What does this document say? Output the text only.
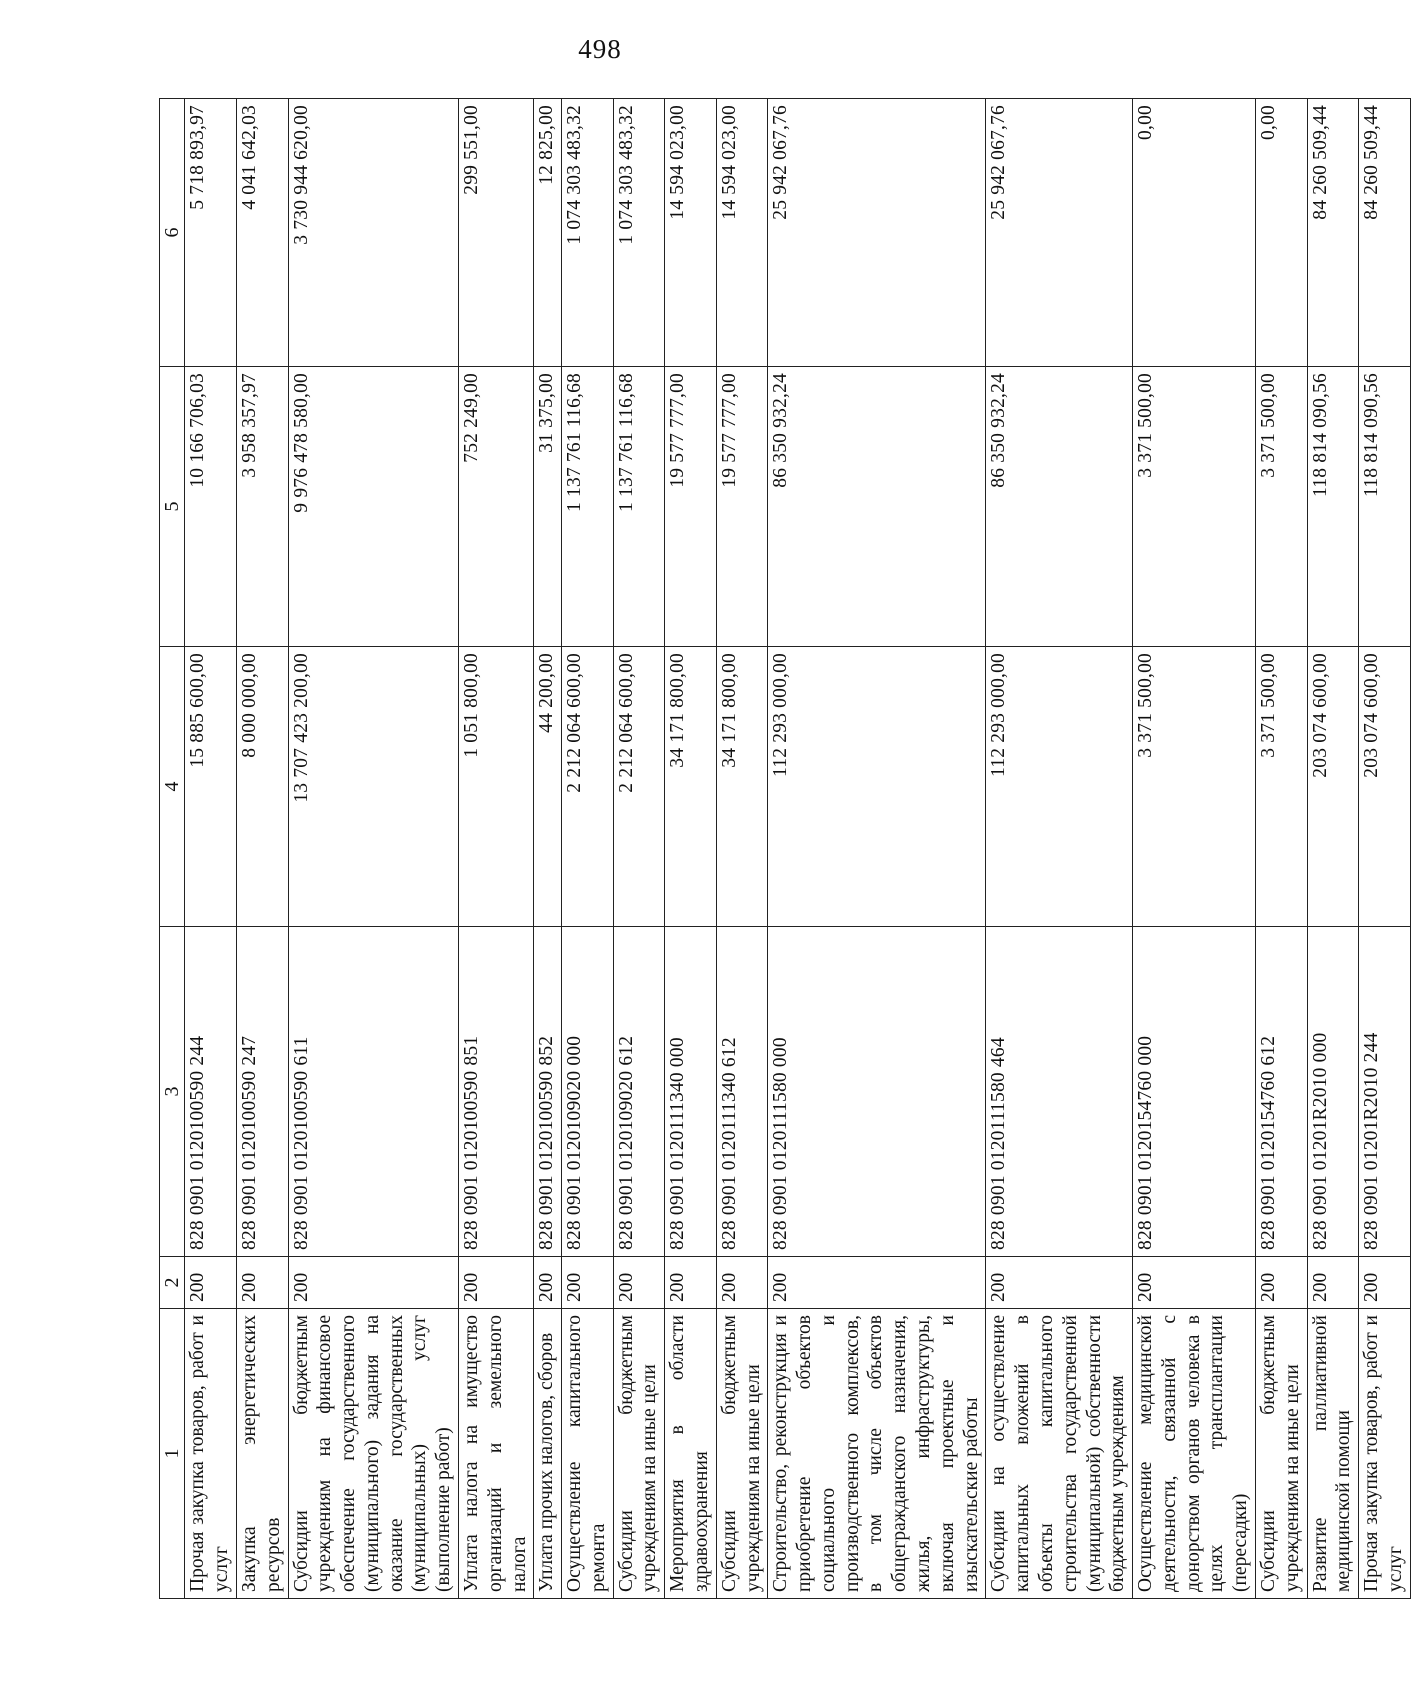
498
1	2	3	4	5	6
Прочая закупка товаров, работ и услуг	200	828 0901 0120100590 244	15 885 600,00	10 166 706,03	5 718 893,97
Закупка энергетических ресурсов	200	828 0901 0120100590 247	8 000 000,00	3 958 357,97	4 041 642,03
Субсидии бюджетным учреждениям на финансовое обеспечение государственного (муниципального) задания на оказание государственных (муниципальных) услуг (выполнение работ)	200	828 0901 0120100590 611	13 707 423 200,00	9 976 478 580,00	3 730 944 620,00
Уплата налога на имущество организаций и земельного налога	200	828 0901 0120100590 851	1 051 800,00	752 249,00	299 551,00
Уплата прочих налогов, сборов	200	828 0901 0120100590 852	44 200,00	31 375,00	12 825,00
Осуществление капитального ремонта	200	828 0901 0120109020 000	2 212 064 600,00	1 137 761 116,68	1 074 303 483,32
Субсидии бюджетным учреждениям на иные цели	200	828 0901 0120109020 612	2 212 064 600,00	1 137 761 116,68	1 074 303 483,32
Мероприятия в области здравоохранения	200	828 0901 0120111340 000	34 171 800,00	19 577 777,00	14 594 023,00
Субсидии бюджетным учреждениям на иные цели	200	828 0901 0120111340 612	34 171 800,00	19 577 777,00	14 594 023,00
Строительство, реконструкция и приобретение объектов социального и производственного комплексов, в том числе объектов общегражданского назначения, жилья, инфраструктуры, включая проектные и изыскательские работы	200	828 0901 0120111580 000	112 293 000,00	86 350 932,24	25 942 067,76
Субсидии на осуществление капитальных вложений в объекты капитального строительства государственной (муниципальной) собственности бюджетным учреждениям	200	828 0901 0120111580 464	112 293 000,00	86 350 932,24	25 942 067,76
Осуществление медицинской деятельности, связанной с донорством органов человека в целях трансплантации (пересадки)	200	828 0901 0120154760 000	3 371 500,00	3 371 500,00	0,00
Субсидии бюджетным учреждениям на иные цели	200	828 0901 0120154760 612	3 371 500,00	3 371 500,00	0,00
Развитие паллиативной медицинской помощи	200	828 0901 01201R2010 000	203 074 600,00	118 814 090,56	84 260 509,44
Прочая закупка товаров, работ и услуг	200	828 0901 01201R2010 244	203 074 600,00	118 814 090,56	84 260 509,44
